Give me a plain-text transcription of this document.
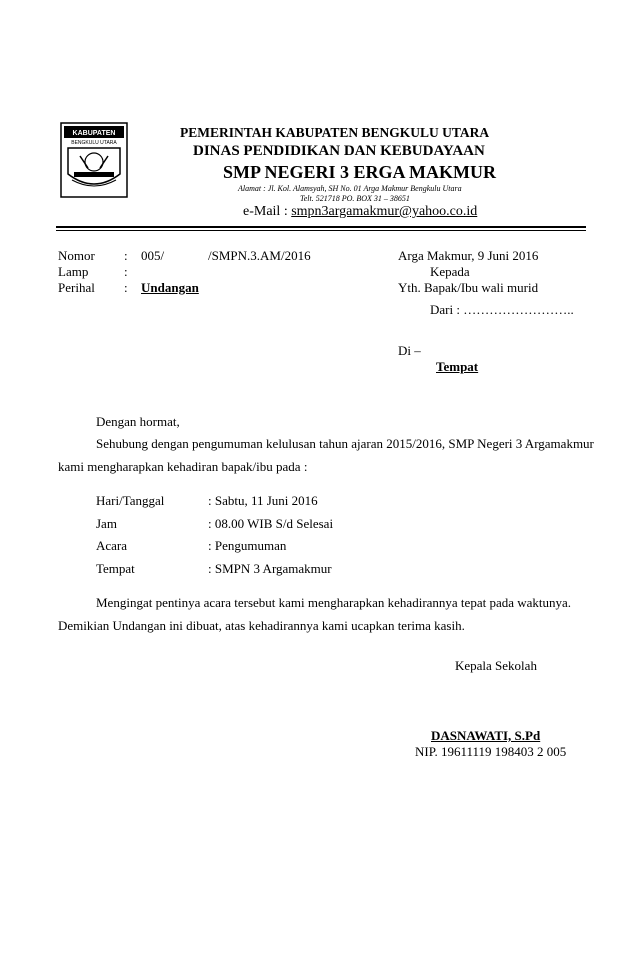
KABUPATEN
BENGKULU UTARA
PEMERINTAH KABUPATEN BENGKULU UTARA
DINAS PENDIDIKAN DAN KEBUDAYAAN
SMP NEGERI 3 ERGA MAKMUR
Alamat : Jl. Kol. Alamsyah, SH No. 01 Arga Makmur Bengkulu Utara
Telt. 521718 PO. BOX 31 – 38651
e-Mail : smpn3argamakmur@yahoo.co.id
Nomor : 005/	/SMPN.3.AM/2016
Lamp	:
Perihal : Undangan
Arga Makmur, 9 Juni 2016
Kepada
Yth. Bapak/Ibu wali murid
Dari : ……………………..
Di –
Tempat
Dengan hormat,
Sehubung dengan pengumuman kelulusan tahun ajaran 2015/2016, SMP Negeri 3 Argamakmur
kami mengharapkan kehadiran bapak/ibu pada :
Hari/Tanggal	: Sabtu, 11 Juni 2016
Jam	: 08.00 WIB S/d Selesai
Acara	: Pengumuman
Tempat	: SMPN 3 Argamakmur
Mengingat pentinya acara tersebut kami mengharapkan kehadirannya tepat pada waktunya.
Demikian Undangan ini dibuat, atas kehadirannya kami ucapkan terima kasih.
Kepala Sekolah
DASNAWATI, S.Pd
NIP. 19611119 198403 2 005
